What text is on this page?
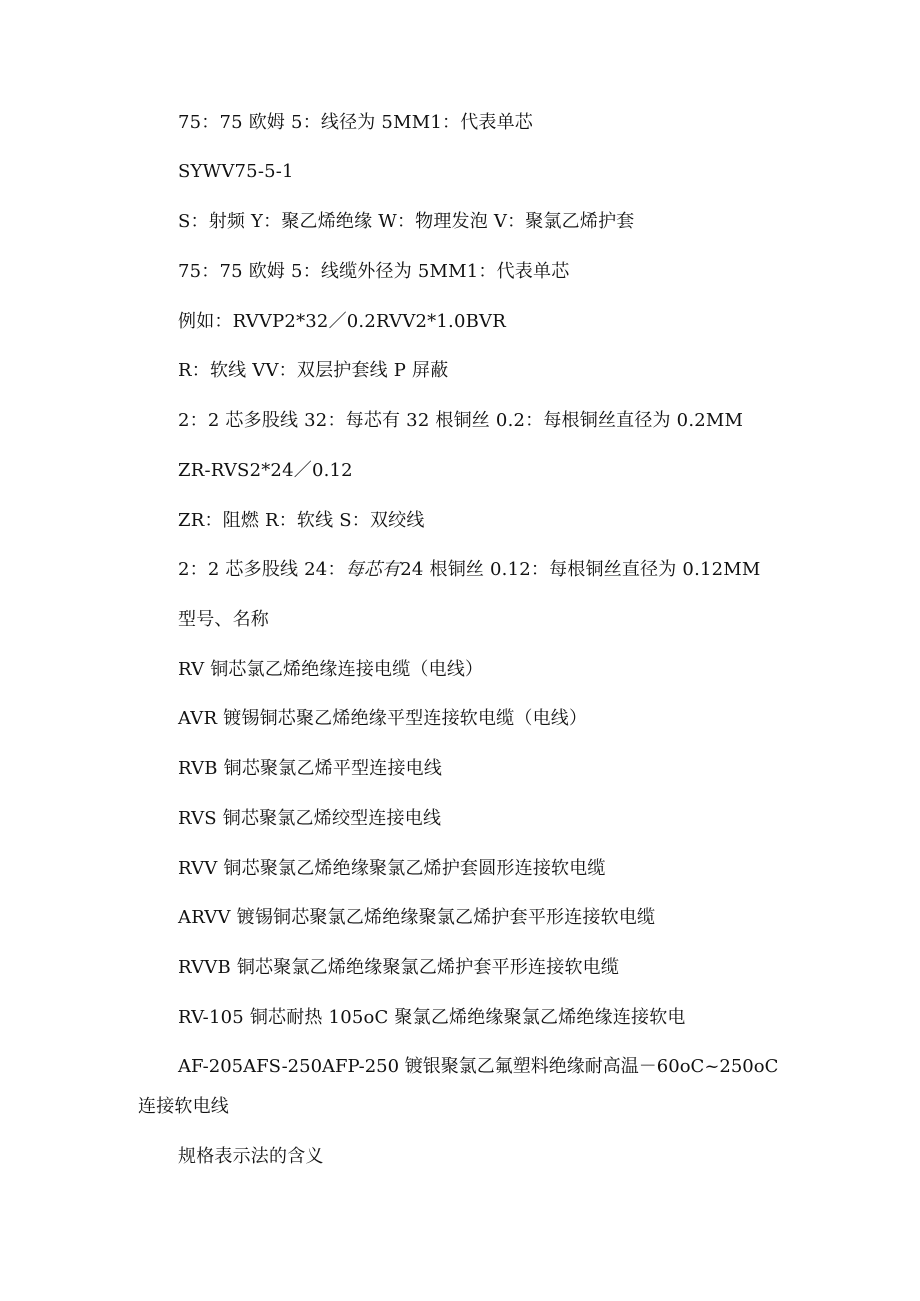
75：75 欧姆 5：线径为 5MM1：代表单芯
SYWV75-5-1
S：射频 Y：聚乙烯绝缘 W：物理发泡 V：聚氯乙烯护套
75：75 欧姆 5：线缆外径为 5MM1：代表单芯
例如：RVVP2*32／0.2RVV2*1.0BVR
R：软线 VV：双层护套线 P 屏蔽
2：2 芯多股线 32：每芯有 32 根铜丝 0.2：每根铜丝直径为 0.2MM
ZR-RVS2*24／0.12
ZR：阻燃 R：软线 S：双绞线
2：2 芯多股线 24：每芯有24 根铜丝 0.12：每根铜丝直径为 0.12MM
型号、名称
RV 铜芯氯乙烯绝缘连接电缆（电线）
AVR 镀锡铜芯聚乙烯绝缘平型连接软电缆（电线）
RVB 铜芯聚氯乙烯平型连接电线
RVS 铜芯聚氯乙烯绞型连接电线
RVV 铜芯聚氯乙烯绝缘聚氯乙烯护套圆形连接软电缆
ARVV 镀锡铜芯聚氯乙烯绝缘聚氯乙烯护套平形连接软电缆
RVVB 铜芯聚氯乙烯绝缘聚氯乙烯护套平形连接软电缆
RV-105 铜芯耐热 105oC 聚氯乙烯绝缘聚氯乙烯绝缘连接软电
AF-205AFS-250AFP-250 镀银聚氯乙氟塑料绝缘耐高温－60oC~250oC
连接软电线
规格表示法的含义
